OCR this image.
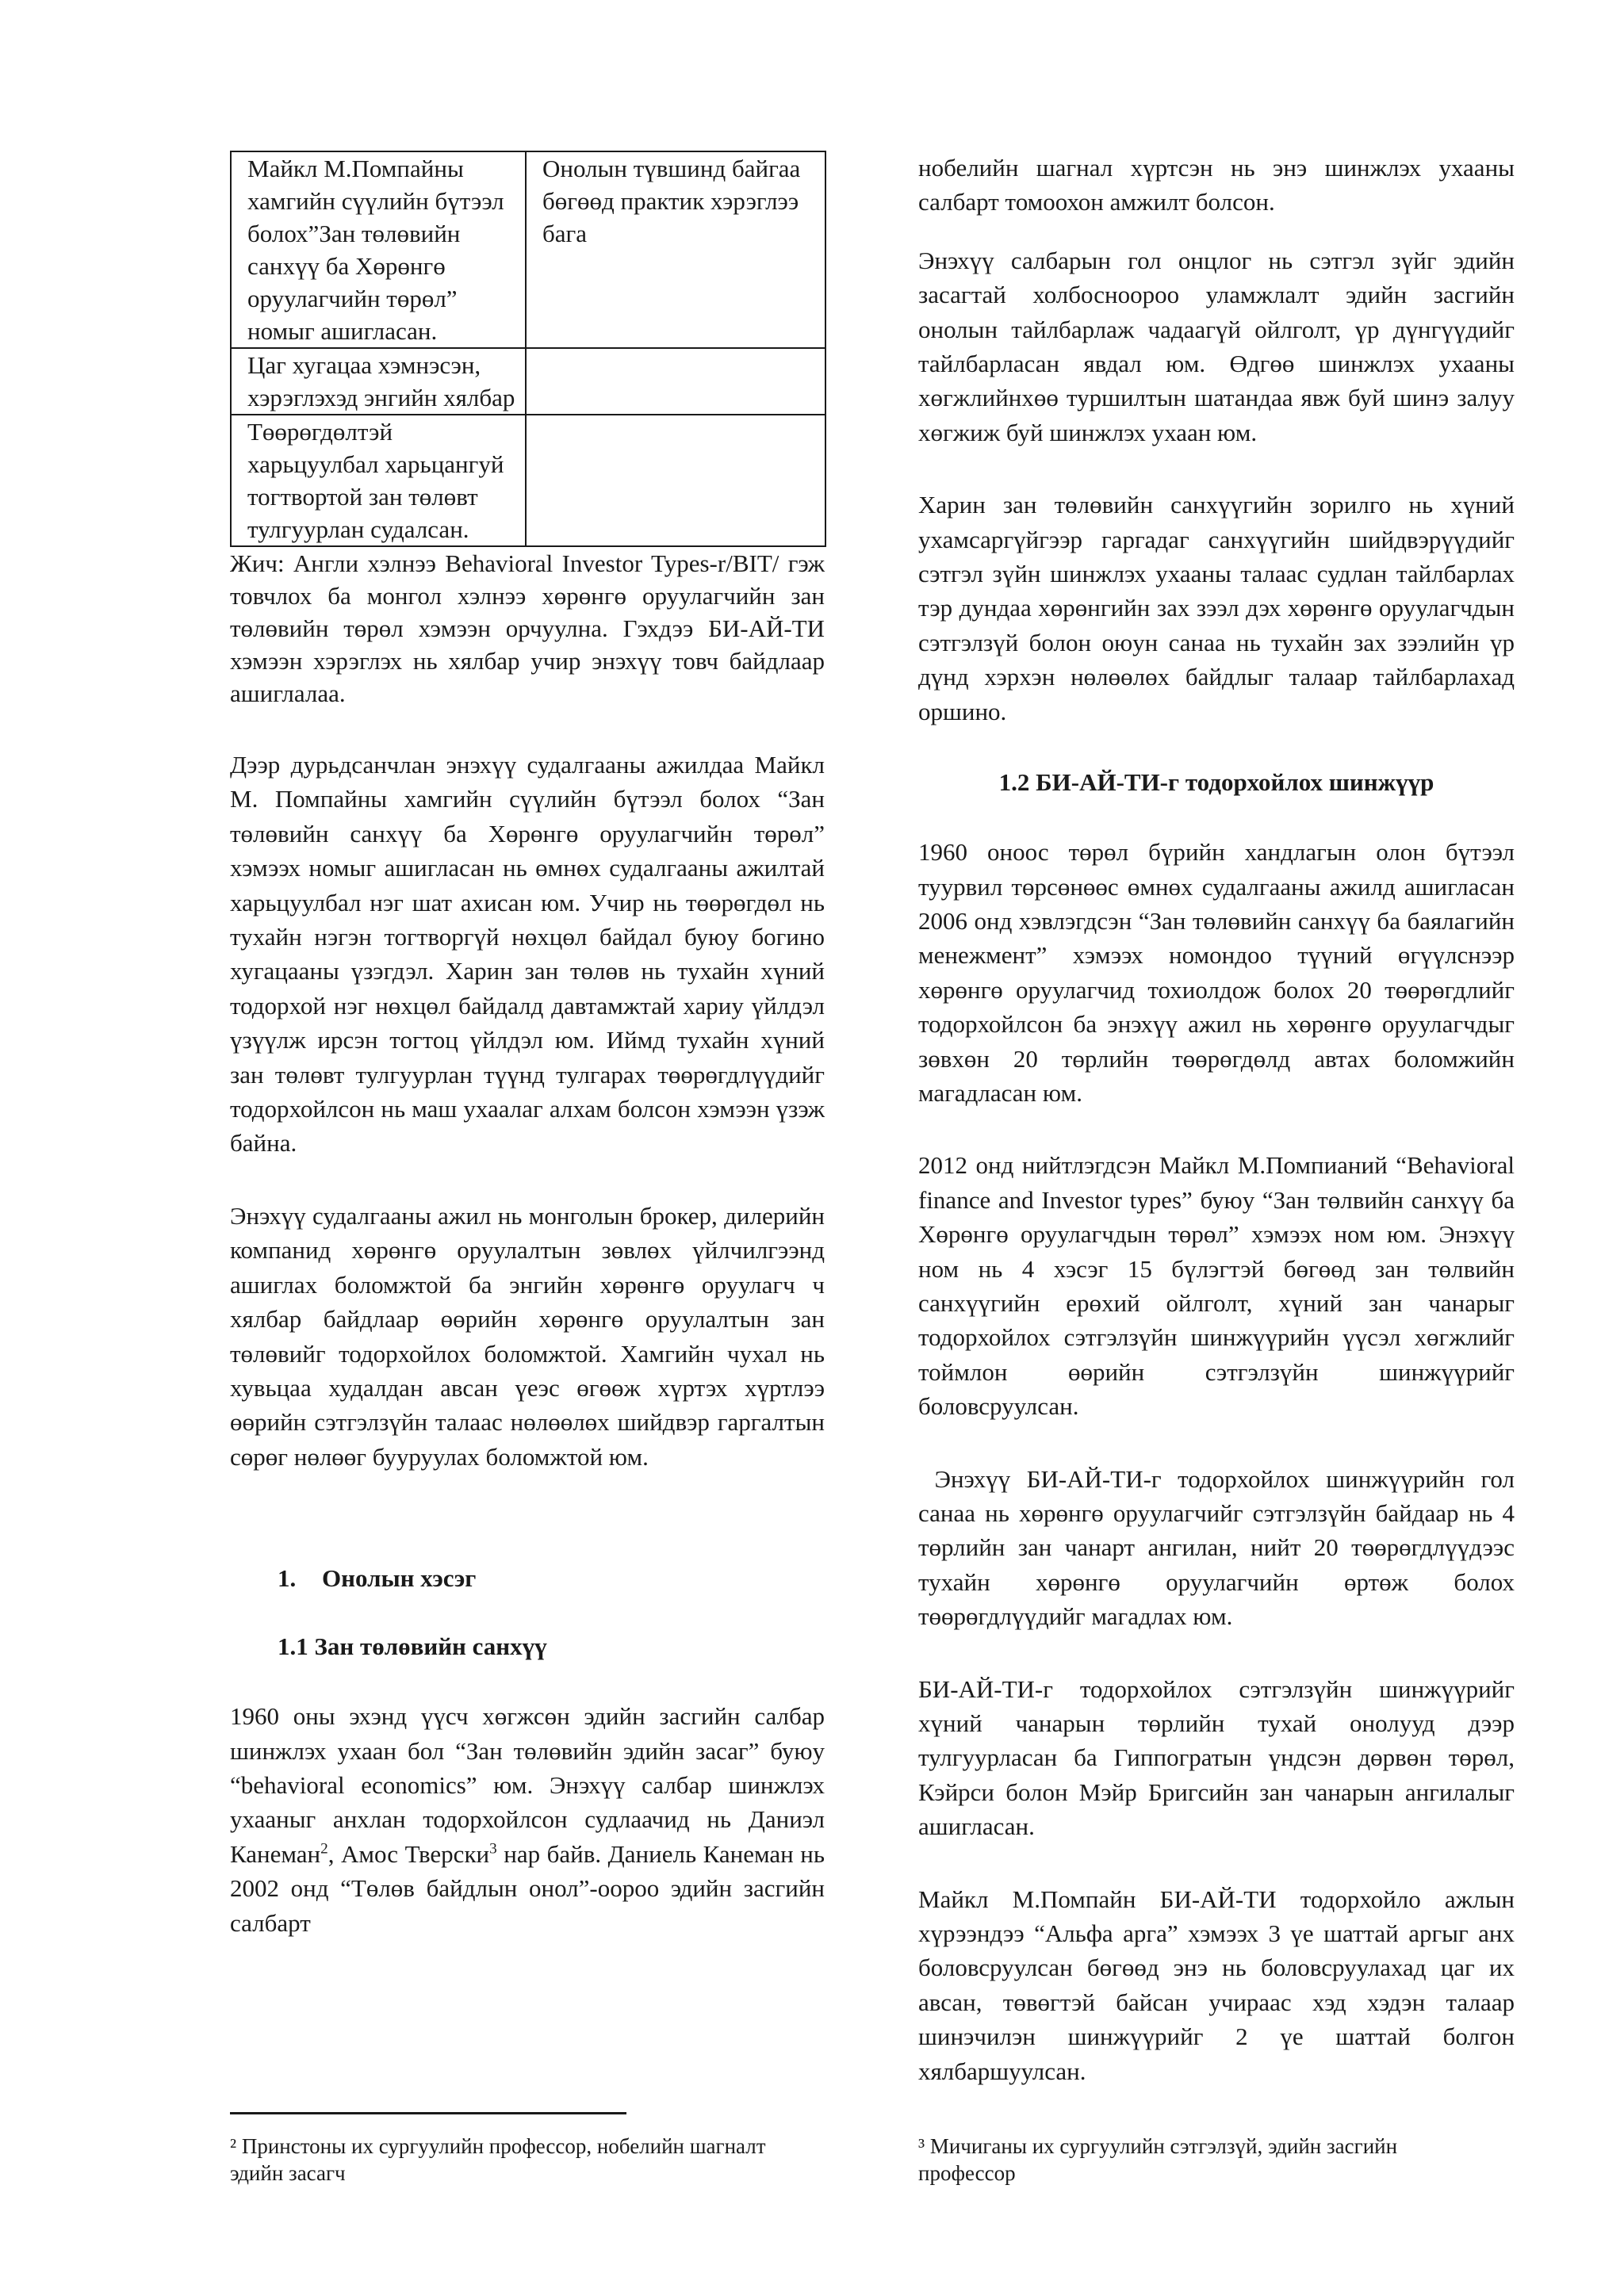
Майкл М.Помпайны хамгийн сүүлийн бүтээл болох”Зан төлөвийн санхүү ба Хөрөнгө оруулагчийн төрөл” номыг ашигласан.	Онолын түвшинд байгаа бөгөөд практик хэрэглээ бага
Цаг хугацаа хэмнэсэн, хэрэглэхэд энгийн хялбар	
Төөрөгдөлтэй харьцуулбал харьцангуй тогтвортой зан төлөвт тулгуурлан судалсан.	

Жич: Англи хэлнээ Behavioral Investor Types-r/BIT/ гэж товчлох ба монгол хэлнээ хөрөнгө оруулагчийн зан төлөвийн төрөл хэмээн орчуулна. Гэхдээ БИ-АЙ-ТИ хэмээн хэрэглэх нь хялбар учир энэхүү товч байдлаар ашиглалаа.

Дээр дурьдсанчлан энэхүү судалгааны ажилдаа Майкл М. Помпайны хамгийн сүүлийн бүтээл болох “Зан төлөвийн санхүү ба Хөрөнгө оруулагчийн төрөл” хэмээх номыг ашигласан нь өмнөх судалгааны ажилтай харьцуулбал нэг шат ахисан юм. Учир нь төөрөгдөл нь тухайн нэгэн тогтворгүй нөхцөл байдал буюу богино хугацааны үзэгдэл. Харин зан төлөв нь тухайн хүний тодорхой нэг нөхцөл байдалд давтамжтай хариу үйлдэл үзүүлж ирсэн тогтоц үйлдэл юм. Иймд тухайн хүний зан төлөвт тулгуурлан түүнд тулгарах төөрөгдлүүдийг тодорхойлсон нь маш ухаалаг алхам болсон хэмээн үзэж байна.

Энэхүү судалгааны ажил нь монголын брокер, дилерийн компанид хөрөнгө оруулалтын зөвлөх үйлчилгээнд ашиглах боломжтой ба энгийн хөрөнгө оруулагч ч хялбар байдлаар өөрийн хөрөнгө оруулалтын зан төлөвийг тодорхойлох боломжтой. Хамгийн чухал нь хувьцаа худалдан авсан үеэс өгөөж хүртэх хүртлээ өөрийн сэтгэлзүйн талаас нөлөөлөх шийдвэр гаргалтын сөрөг нөлөөг бууруулах боломжтой юм.

1. Онолын хэсэг
1.1 Зан төлөвийн санхүү

1960 оны эхэнд үүсч хөгжсөн эдийн засгийн салбар шинжлэх ухаан бол “Зан төлөвийн эдийн засаг” буюу “behavioral economics” юм. Энэхүү салбар шинжлэх ухааныг анхлан тодорхойлсон судлаачид нь Даниэл Канеман$^2$, Амос Тверски$^3$ нар байв. Даниель Канеман нь 2002 онд “Төлөв байдлын онол”-оороо эдийн засгийн салбарт

нобелийн шагнал хүртсэн нь энэ шинжлэх ухааны салбарт томоохон амжилт болсон.

Энэхүү салбарын гол онцлог нь сэтгэл зүйг эдийн засагтай холбосноороо уламжлалт эдийн засгийн онолын тайлбарлаж чадаагүй ойлголт, үр дүнгүүдийг тайлбарласан явдал юм. Өдгөө шинжлэх ухааны хөгжлийнхөө туршилтын шатандаа явж буй шинэ залуу хөгжиж буй шинжлэх ухаан юм.

Харин зан төлөвийн санхүүгийн зорилго нь хүний ухамсаргүйгээр гаргадаг санхүүгийн шийдвэрүүдийг сэтгэл зүйн шинжлэх ухааны талаас судлан тайлбарлах тэр дундаа хөрөнгийн зах зээл дэх хөрөнгө оруулагчдын сэтгэлзүй болон оюун санаа нь тухайн зах зээлийн үр дүнд хэрхэн нөлөөлөх байдлыг талаар тайлбарлахад оршино.

1.2 БИ-АЙ-ТИ-г тодорхойлох шинжүүр

1960 оноос төрөл бүрийн хандлагын олон бүтээл туурвил төрсөнөөс өмнөх судалгааны ажилд ашигласан 2006 онд хэвлэгдсэн “Зан төлөвийн санхүү ба баялагийн менежмент” хэмээх номондоо түүний өгүүлснээр хөрөнгө оруулагчид тохиолдож болох 20 төөрөгдлийг тодорхойлсон ба энэхүү ажил нь хөрөнгө оруулагчдыг зөвхөн 20 төрлийн төөрөгдөлд автах боломжийн магадласан юм.

2012 онд нийтлэгдсэн Майкл М.Помпианий “Behavioral finance and Investor types” буюу “Зан төлвийн санхүү ба Хөрөнгө оруулагчдын төрөл” хэмээх ном юм. Энэхүү ном нь 4 хэсэг 15 бүлэгтэй бөгөөд зан төлвийн санхүүгийн ерөхий ойлголт, хүний зан чанарыг тодорхойлох сэтгэлзүйн шинжүүрийн үүсэл хөгжлийг тоймлон өөрийн сэтгэлзүйн шинжүүрийг боловсруулсан.

Энэхүү БИ-АЙ-ТИ-г тодорхойлох шинжүүрийн гол санаа нь хөрөнгө оруулагчийг сэтгэлзүйн байдаар нь 4 төрлийн зан чанарт ангилан, нийт 20 төөрөгдлүүдээс тухайн хөрөнгө оруулагчийн өртөж болох  төөрөгдлүүдийг магадлах юм.

БИ-АЙ-ТИ-г тодорхойлох сэтгэлзүйн шинжүүрийг хүний чанарын төрлийн тухай онолууд дээр тулгуурласан ба Гиппогратын үндсэн дөрвөн төрөл, Кэйрси болон Мэйр Бригсийн зан чанарын ангилалыг ашигласан.

Майкл М.Помпайн БИ-АЙ-ТИ тодорхойло ажлын хүрээндээ “Альфа арга” хэмээх 3 үе шаттай аргыг анх боловсруулсан бөгөөд энэ нь боловсруулахад цаг их авсан, төвөгтэй байсан учираас хэд хэдэн талаар шинэчилэн шинжүүрийг 2 үе шаттай болгон хялбаршуулсан.

² Принстоны их сургуулийн профессор, нобелийн шагналт эдийн засагч
³ Мичиганы их сургуулийн сэтгэлзүй, эдийн засгийн профессор
